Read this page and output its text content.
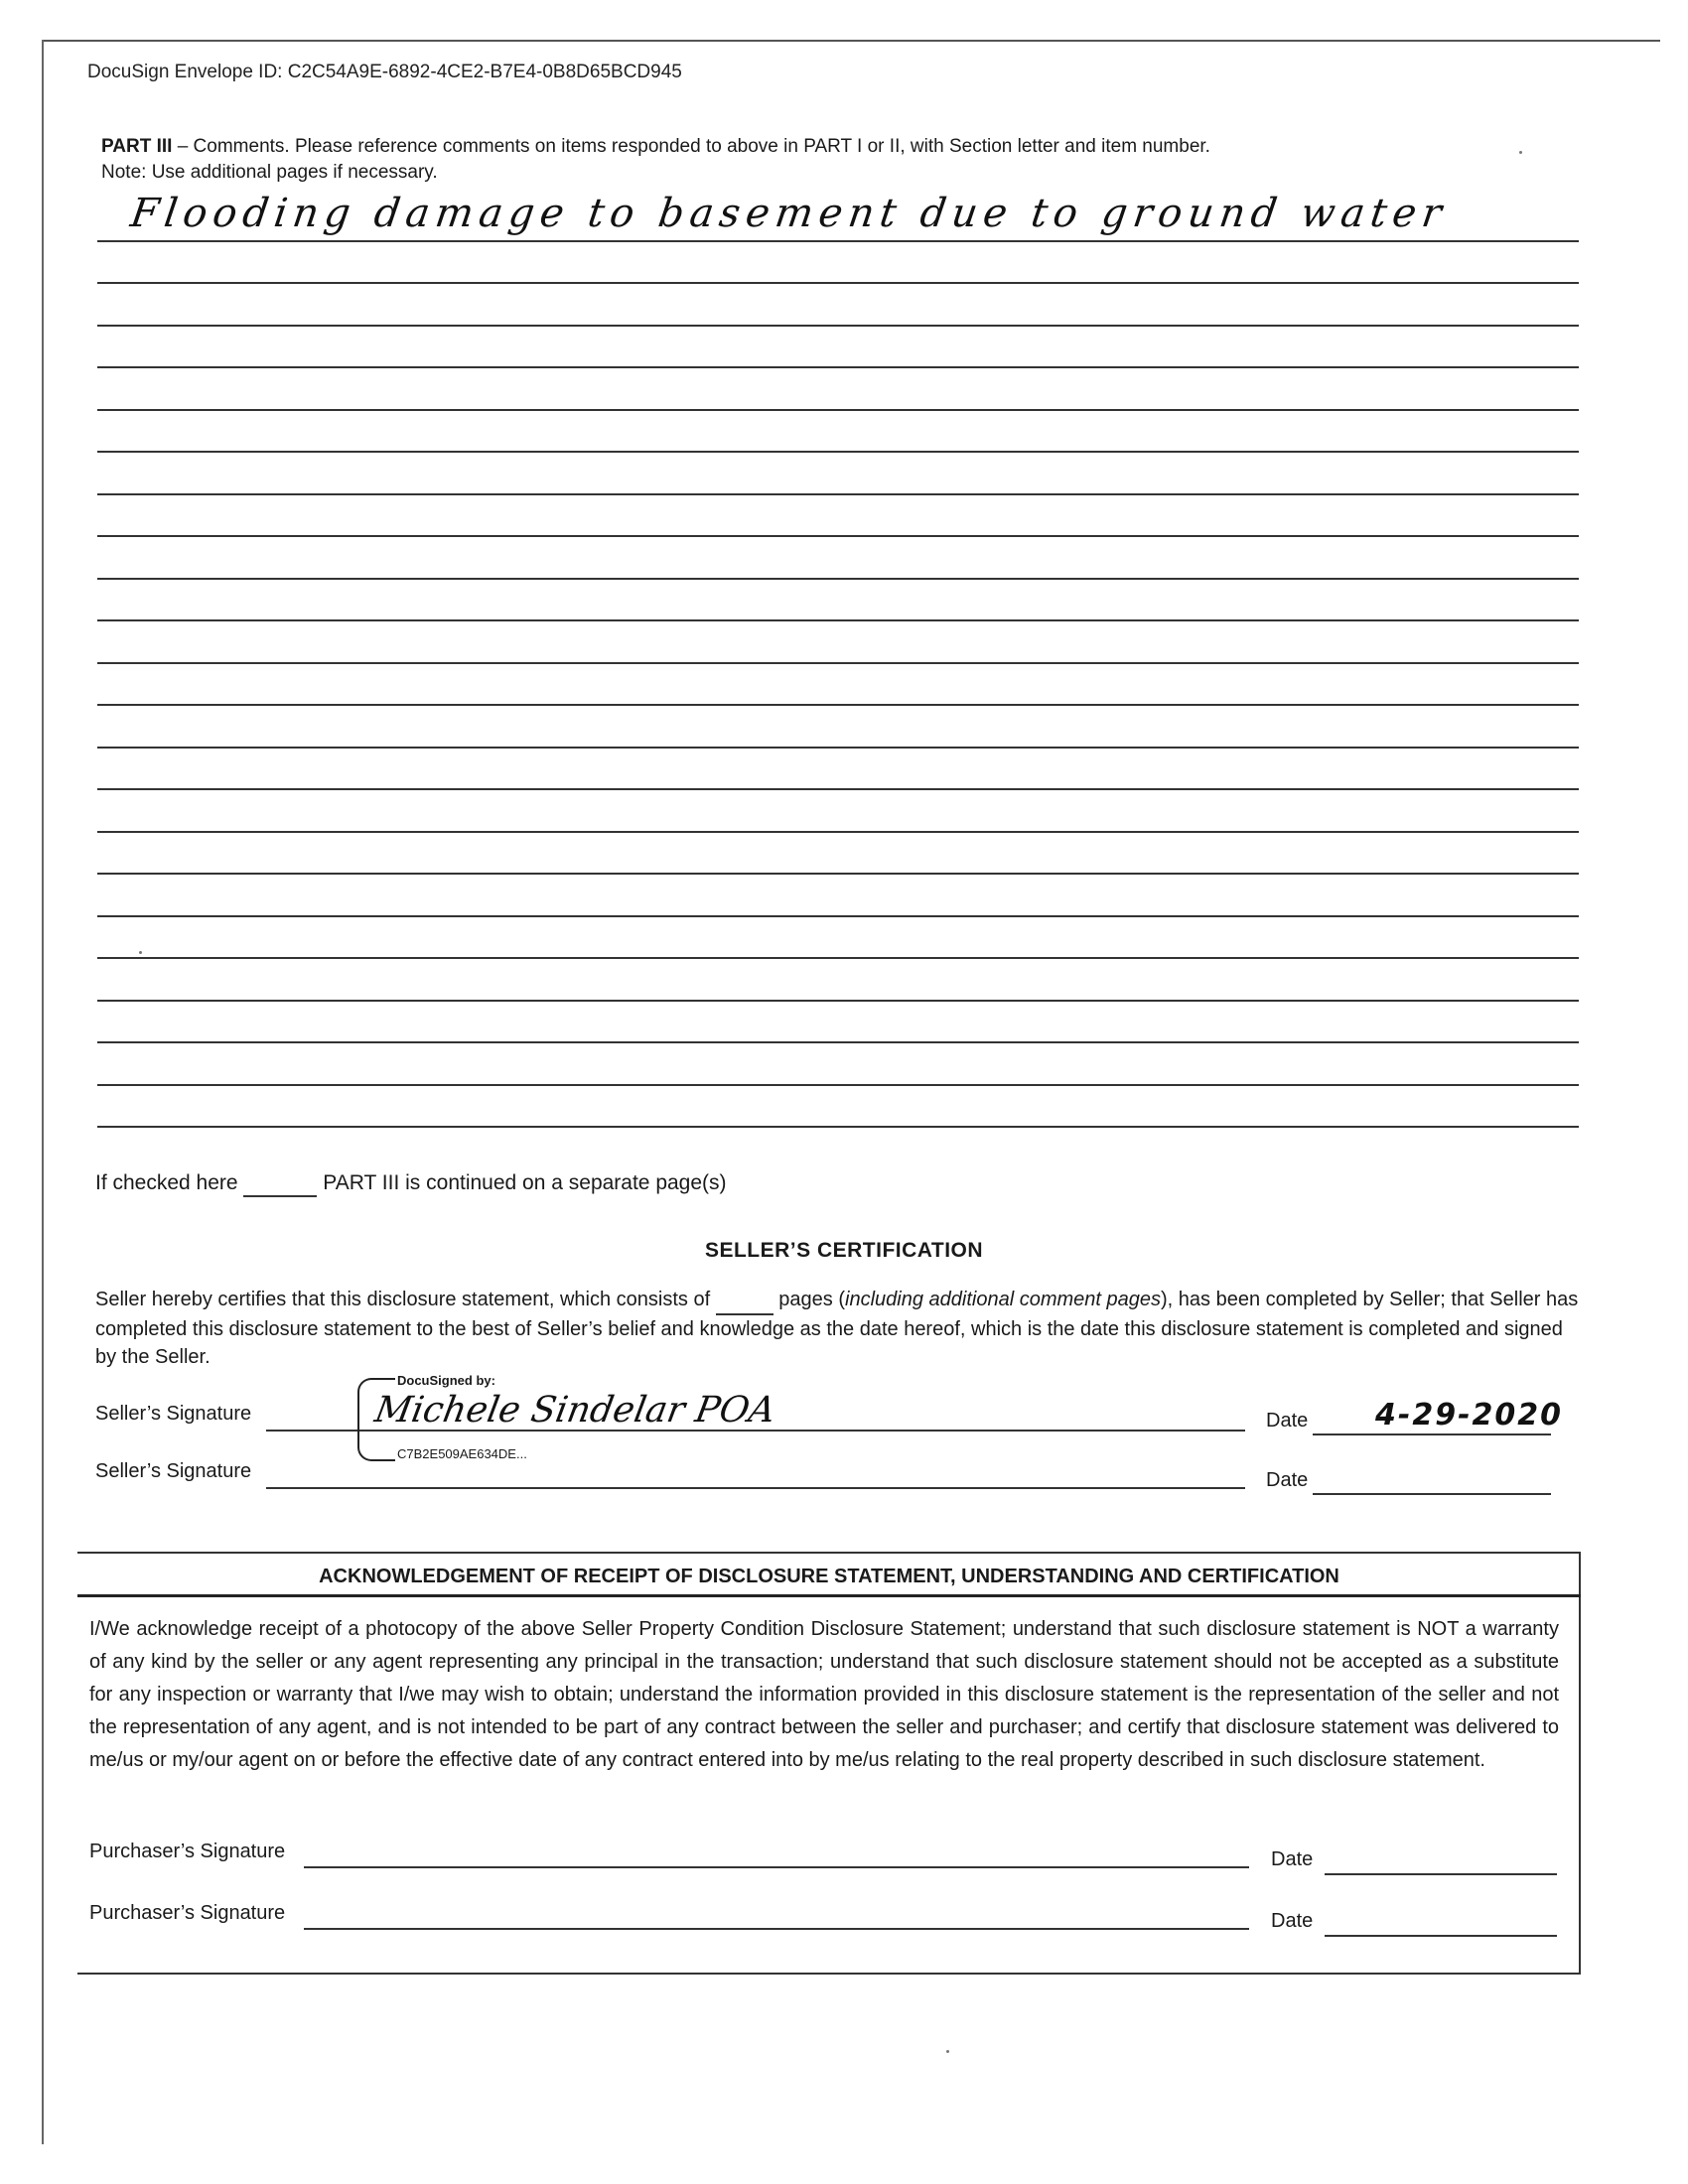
DocuSign Envelope ID: C2C54A9E-6892-4CE2-B7E4-0B8D65BCD945
PART III – Comments. Please reference comments on items responded to above in PART I or II, with Section letter and item number.
Note: Use additional pages if necessary.
Flooding damage to basement due to ground water
If checked here	PART III is continued on a separate page(s)
SELLER’S CERTIFICATION
Seller hereby certifies that this disclosure statement, which consists of	pages (including additional comment pages), has been completed by Seller; that Seller has completed this disclosure statement to the best of Seller’s belief and knowledge as the date hereof, which is the date this disclosure statement is completed and signed by the Seller.
Seller’s Signature
DocuSigned by:
Michele Sindelar POA
C7B2E509AE634DE...
Date 4-29-2020
Seller’s Signature	Date
ACKNOWLEDGEMENT OF RECEIPT OF DISCLOSURE STATEMENT, UNDERSTANDING AND CERTIFICATION
I/We acknowledge receipt of a photocopy of the above Seller Property Condition Disclosure Statement; understand that such disclosure statement is NOT a warranty of any kind by the seller or any agent representing any principal in the transaction; understand that such disclosure statement should not be accepted as a substitute for any inspection or warranty that I/we may wish to obtain; understand the information provided in this disclosure statement is the representation of the seller and not the representation of any agent, and is not intended to be part of any contract between the seller and purchaser; and certify that disclosure statement was delivered to me/us or my/our agent on or before the effective date of any contract entered into by me/us relating to the real property described in such disclosure statement.
Purchaser’s Signature	Date
Purchaser’s Signature	Date
